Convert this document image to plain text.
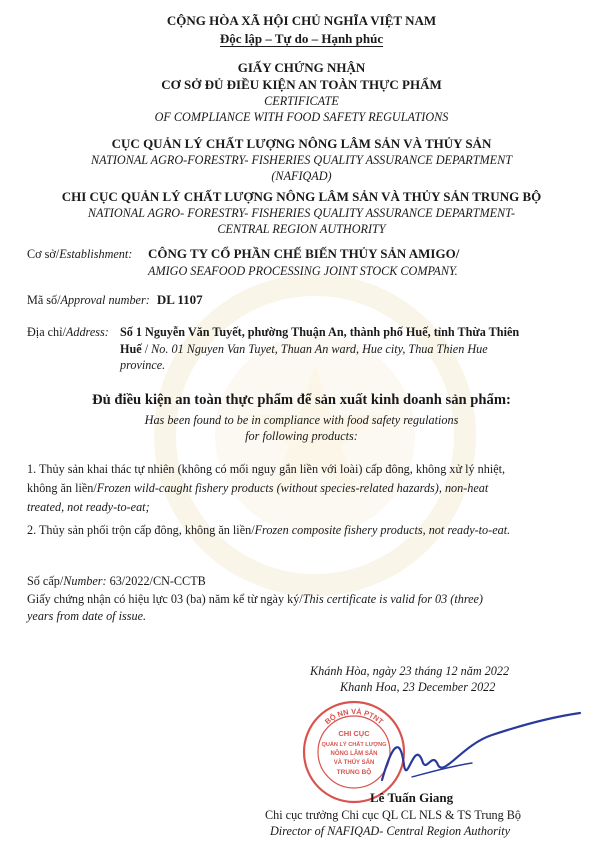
CỘNG HÒA XÃ HỘI CHỦ NGHĨA VIỆT NAM
Độc lập – Tự do – Hạnh phúc
GIẤY CHỨNG NHẬN
CƠ SỞ ĐỦ ĐIỀU KIỆN AN TOÀN THỰC PHẨM
CERTIFICATE
OF COMPLIANCE WITH FOOD SAFETY REGULATIONS
CỤC QUẢN LÝ CHẤT LƯỢNG NÔNG LÂM SẢN VÀ THỦY SẢN
NATIONAL AGRO-FORESTRY- FISHERIES QUALITY ASSURANCE DEPARTMENT
(NAFIQAD)
CHI CỤC QUẢN LÝ CHẤT LƯỢNG NÔNG LÂM SẢN VÀ THỦY SẢN TRUNG BỘ
NATIONAL AGRO- FORESTRY- FISHERIES QUALITY ASSURANCE DEPARTMENT-
CENTRAL REGION AUTHORITY
Cơ sở/Establishment: CÔNG TY CỔ PHẦN CHẾ BIẾN THỦY SẢN AMIGO/
AMIGO SEAFOOD PROCESSING JOINT STOCK COMPANY.
Mã số/Approval number: DL 1107
Địa chỉ/Address: Số 1 Nguyễn Văn Tuyết, phường Thuận An, thành phố Huế, tỉnh Thừa Thiên
Huế / No. 01 Nguyen Van Tuyet, Thuan An ward, Hue city, Thua Thien Hue
province.
Đủ điều kiện an toàn thực phẩm để sản xuất kinh doanh sản phẩm:
Has been found to be in compliance with food safety regulations
for following products:
1. Thủy sản khai thác tự nhiên (không có mối nguy gắn liền với loài) cấp đông, không xử lý nhiệt,
không ăn liền/Frozen wild-caught fishery products (without species-related hazards), non-heat
treated, not ready-to-eat;
2. Thủy sản phối trộn cấp đông, không ăn liền/Frozen composite fishery products, not ready-to-eat.
Số cấp/Number: 63/2022/CN-CCTB
Giấy chứng nhận có hiệu lực 03 (ba) năm kể từ ngày ký/This certificate is valid for 03 (three)
years from date of issue.
Khánh Hòa, ngày 23 tháng 12 năm 2022
Khanh Hoa, 23 December 2022
BỘ NN VÀ PTNT
CHI CỤC
QUẢN LÝ CHẤT LƯỢNG
NÔNG LÂM SẢN
VÀ THỦY SẢN
TRUNG BỘ
Lê Tuấn Giang
Chi cục trưởng Chi cục QL CL NLS & TS Trung Bộ
Director of NAFIQAD- Central Region Authority
